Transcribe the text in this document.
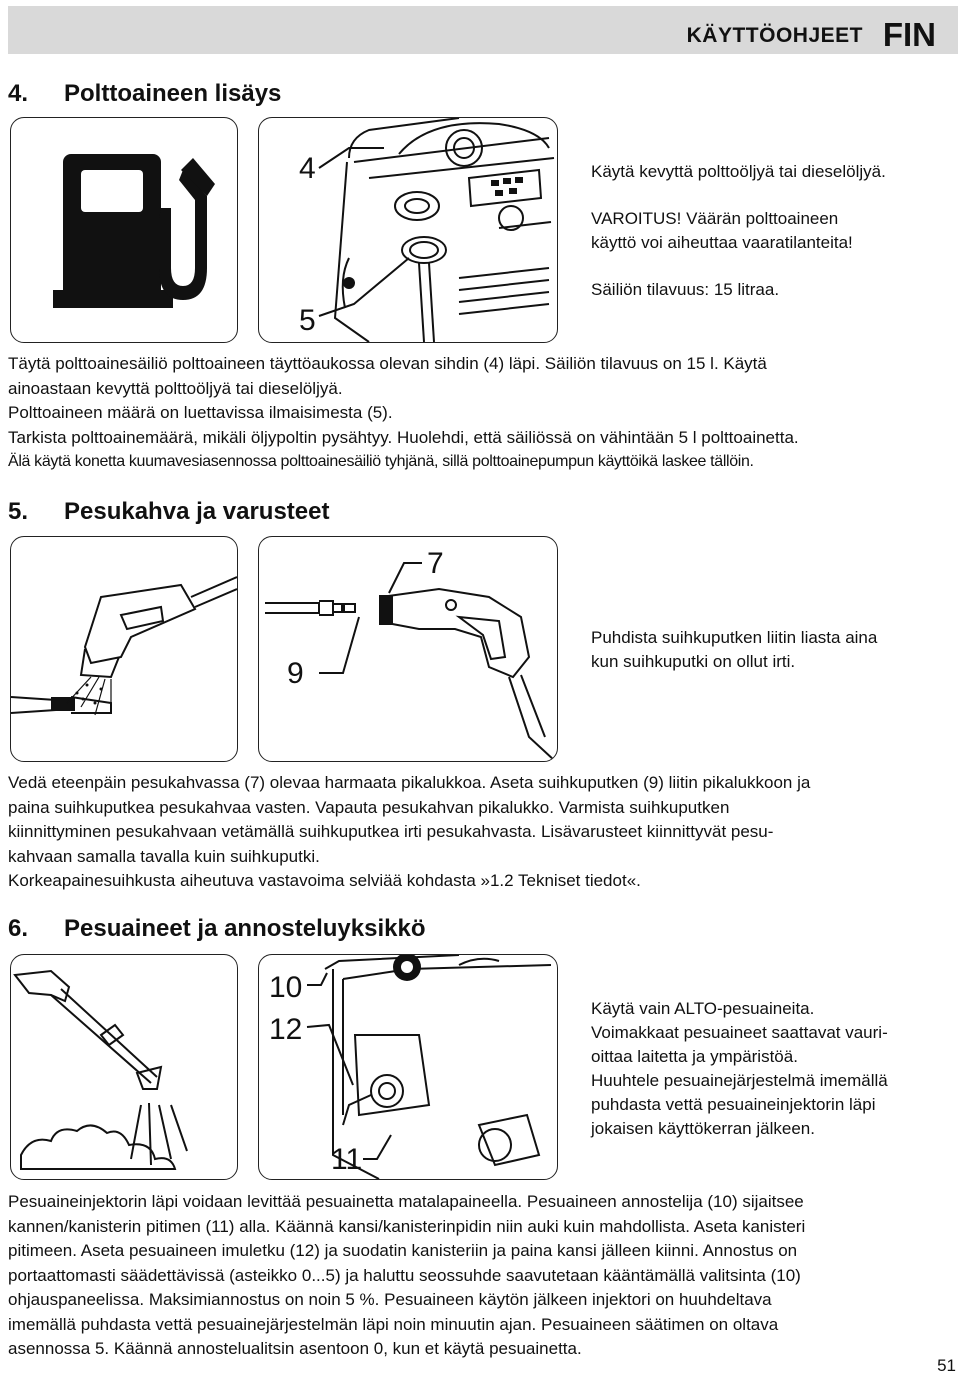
KÄYTTÖOHJEET FIN
4. Polttoaineen lisäys
4
5

Käytä kevyttä polttoöljyä tai dieselöljyä.

VAROITUS! Väärän polttoaineen

käyttö voi aiheuttaa vaaratilanteita!

Säiliön tilavuus: 15 litraa.

Täytä polttoainesäiliö polttoaineen täyttöaukossa olevan sihdin (4) läpi. Säiliön tilavuus on 15 l. Käytä

ainoastaan kevyttä polttoöljyä tai dieselöljyä.

Polttoaineen määrä on luettavissa ilmaisimesta (5).

Tarkista polttoainemäärä, mikäli öljypoltin pysähtyy. Huolehdi, että säiliössä on vähintään 5 l polttoainetta.

Älä käytä konetta kuumavesiasennossa polttoainesäiliö tyhjänä, sillä polttoainepumpun käyttöikä laskee tällöin.

5. Pesukahva ja varusteet
7
9

Puhdista suihkuputken liitin liasta aina

kun suihkuputki on ollut irti.

Vedä eteenpäin pesukahvassa (7) olevaa harmaata pikalukkoa. Aseta suihkuputken (9) liitin pikalukkoon ja

paina suihkuputkea pesukahvaa vasten. Vapauta pesukahvan pikalukko. Varmista suihkuputken

kiinnittyminen pesukahvaan vetämällä suihkuputkea irti pesukahvasta. Lisävarusteet kiinnittyvät pesu-

kahvaan samalla tavalla kuin suihkuputki.

Korkeapainesuihkusta aiheutuva vastavoima selviää kohdasta »1.2 Tekniset tiedot«.

6. Pesuaineet ja annosteluyksikkö
10
12
11

Käytä vain ALTO-pesuaineita.

Voimakkaat pesuaineet saattavat vauri-

oittaa laitetta ja ympäristöä.

Huuhtele pesuainejärjestelmä imemällä

puhdasta vettä pesuaineinjektorin läpi

jokaisen käyttökerran jälkeen.

Pesuaineinjektorin läpi voidaan levittää pesuainetta matalapaineella. Pesuaineen annostelija (10) sijaitsee

kannen/kanisterin pitimen (11) alla. Käännä kansi/kanisterinpidin niin auki kuin mahdollista. Aseta kanisteri

pitimeen. Aseta pesuaineen imuletku (12) ja suodatin kanisteriin ja paina kansi jälleen kiinni. Annostus on

portaattomasti säädettävissä (asteikko 0...5) ja haluttu seossuhde saavutetaan kääntämällä valitsinta (10)

ohjauspaneelissa. Maksimiannostus on noin 5 %. Pesuaineen käytön jälkeen injektori on huuhdeltava

imemällä puhdasta vettä pesuainejärjestelmän läpi noin minuutin ajan. Pesuaineen säätimen on oltava

asennossa 5. Käännä annostelualitsin asentoon 0, kun et käytä pesuainetta.

51
